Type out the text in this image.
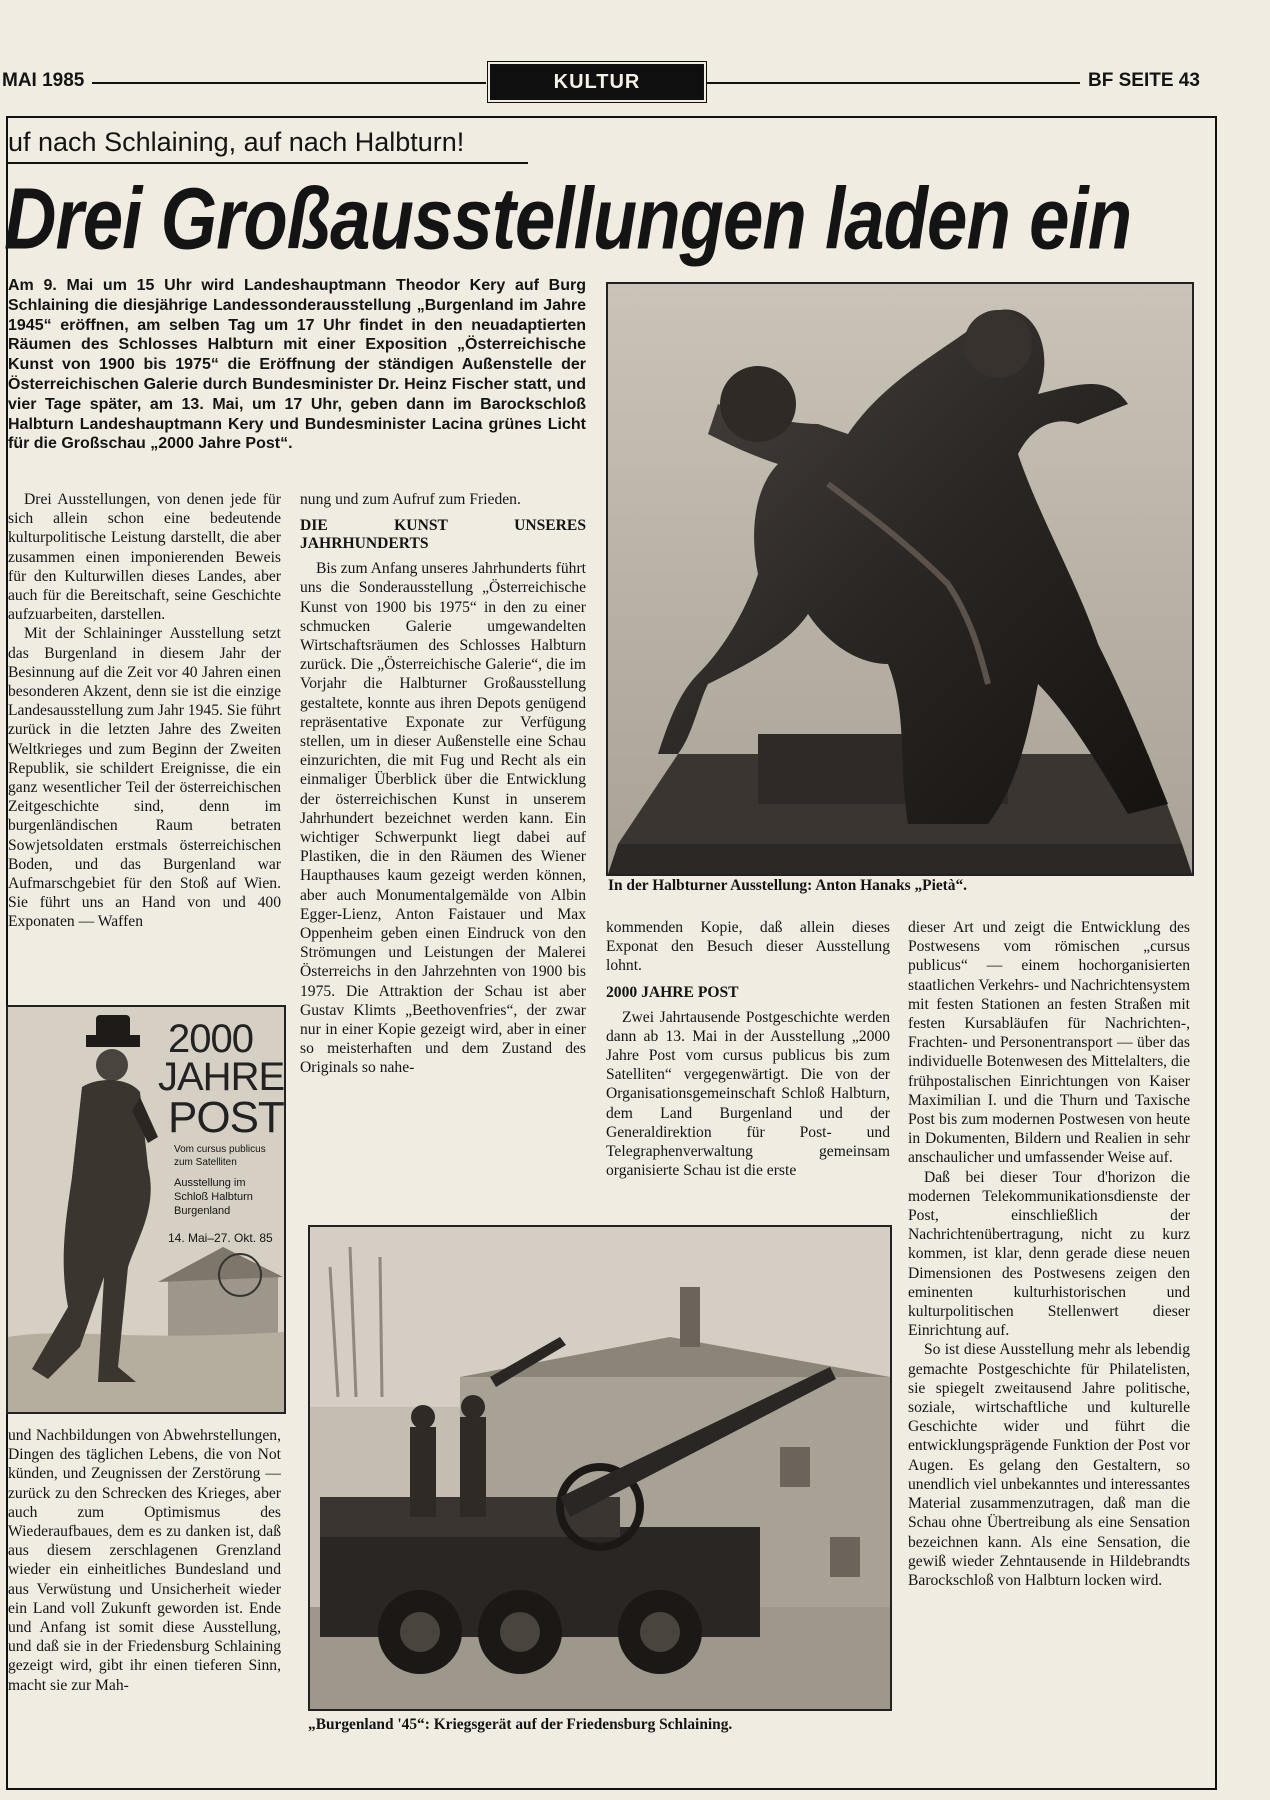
MAI 1985	KULTUR	BF SEITE 43
uf nach Schlaining, auf nach Halbturn!
Drei Großausstellungen laden ein
Am 9. Mai um 15 Uhr wird Landeshauptmann Theodor Kery auf Burg Schlaining die diesjährige Landessonderausstellung „Burgenland im Jahre 1945“ eröffnen, am selben Tag um 17 Uhr findet in den neuadaptierten Räumen des Schlosses Halbturn mit einer Exposition „Österreichische Kunst von 1900 bis 1975“ die Eröffnung der ständigen Außenstelle der Österreichischen Galerie durch Bundesminister Dr. Heinz Fischer statt, und vier Tage später, am 13. Mai, um 17 Uhr, geben dann im Barockschloß Halbturn Landeshauptmann Kery und Bundesminister Lacina grünes Licht für die Großschau „2000 Jahre Post“.
In der Halbturner Ausstellung: Anton Hanaks „Pietà“.

Drei Ausstellungen, von denen jede für sich allein schon eine bedeutende kulturpolitische Leistung darstellt, die aber zusammen einen imponierenden Beweis für den Kulturwillen dieses Landes, aber auch für die Bereitschaft, seine Geschichte aufzuarbeiten, darstellen.

Mit der Schlaininger Ausstellung setzt das Burgenland in diesem Jahr der Besinnung auf die Zeit vor 40 Jahren einen besonderen Akzent, denn sie ist die einzige Landesausstellung zum Jahr 1945. Sie führt zurück in die letzten Jahre des Zweiten Weltkrieges und zum Beginn der Zweiten Republik, sie schildert Ereignisse, die ein ganz wesentlicher Teil der österreichischen Zeitgeschichte sind, denn im burgenländischen Raum betraten Sowjetsoldaten erstmals österreichischen Boden, und das Burgenland war Aufmarschgebiet für den Stoß auf Wien. Sie führt uns an Hand von und 400 Exponaten — Waffen

2000
JAHRE
POST
Vom cursus publicus
zum Satelliten
Ausstellung im
Schloß Halbturn
Burgenland
14. Mai–27. Okt. 85

und Nachbildungen von Abwehrstellungen, Dingen des täglichen Lebens, die von Not künden, und Zeugnissen der Zerstörung — zurück zu den Schrecken des Krieges, aber auch zum Optimismus des Wiederaufbaues, dem es zu danken ist, daß aus diesem zerschlagenen Grenzland wieder ein einheitliches Bundesland und aus Verwüstung und Unsicherheit wieder ein Land voll Zukunft geworden ist. Ende und Anfang ist somit diese Ausstellung, und daß sie in der Friedensburg Schlaining gezeigt wird, gibt ihr einen tieferen Sinn, macht sie zur Mah-

nung und zum Aufruf zum Frieden.

DIE KUNST UNSERES JAHRHUNDERTS

Bis zum Anfang unseres Jahrhunderts führt uns die Sonderausstellung „Österreichische Kunst von 1900 bis 1975“ in den zu einer schmucken Galerie umgewandelten Wirtschaftsräumen des Schlosses Halbturn zurück. Die „Österreichische Galerie“, die im Vorjahr die Halbturner Großausstellung gestaltete, konnte aus ihren Depots genügend repräsentative Exponate zur Verfügung stellen, um in dieser Außenstelle eine Schau einzurichten, die mit Fug und Recht als ein einmaliger Überblick über die Entwicklung der österreichischen Kunst in unserem Jahrhundert bezeichnet werden kann. Ein wichtiger Schwerpunkt liegt dabei auf Plastiken, die in den Räumen des Wiener Haupthauses kaum gezeigt werden können, aber auch Monumentalgemälde von Albin Egger-Lienz, Anton Faistauer und Max Oppenheim geben einen Eindruck von den Strömungen und Leistungen der Malerei Österreichs in den Jahrzehnten von 1900 bis 1975. Die Attraktion der Schau ist aber Gustav Klimts „Beethovenfries“, der zwar nur in einer Kopie gezeigt wird, aber in einer so meisterhaften und dem Zustand des Originals so nahe-

kommenden Kopie, daß allein dieses Exponat den Besuch dieser Ausstellung lohnt.

2000 JAHRE POST

Zwei Jahrtausende Postgeschichte werden dann ab 13. Mai in der Ausstellung „2000 Jahre Post vom cursus publicus bis zum Satelliten“ vergegenwärtigt. Die von der Organisationsgemeinschaft Schloß Halbturn, dem Land Burgenland und der Generaldirektion für Post- und Telegraphenverwaltung gemeinsam organisierte Schau ist die erste

dieser Art und zeigt die Entwicklung des Postwesens vom römischen „cursus publicus“ — einem hochorganisierten staatlichen Verkehrs- und Nachrichtensystem mit festen Stationen an festen Straßen mit festen Kursabläufen für Nachrichten-, Frachten- und Personentransport — über das individuelle Botenwesen des Mittelalters, die frühpostalischen Einrichtungen von Kaiser Maximilian I. und die Thurn und Taxische Post bis zum modernen Postwesen von heute in Dokumenten, Bildern und Realien in sehr anschaulicher und umfassender Weise auf.

Daß bei dieser Tour d'horizon die modernen Telekommunikationsdienste der Post, einschließlich der Nachrichtenübertragung, nicht zu kurz kommen, ist klar, denn gerade diese neuen Dimensionen des Postwesens zeigen den eminenten kulturhistorischen und kulturpolitischen Stellenwert dieser Einrichtung auf.

So ist diese Ausstellung mehr als lebendig gemachte Postgeschichte für Philatelisten, sie spiegelt zweitausend Jahre politische, soziale, wirtschaftliche und kulturelle Geschichte wider und führt die entwicklungsprägende Funktion der Post vor Augen. Es gelang den Gestaltern, so unendlich viel unbekanntes und interessantes Material zusammenzutragen, daß man die Schau ohne Übertreibung als eine Sensation bezeichnen kann. Als eine Sensation, die gewiß wieder Zehntausende in Hildebrandts Barockschloß von Halbturn locken wird.

„Burgenland '45“: Kriegsgerät auf der Friedensburg Schlaining.
